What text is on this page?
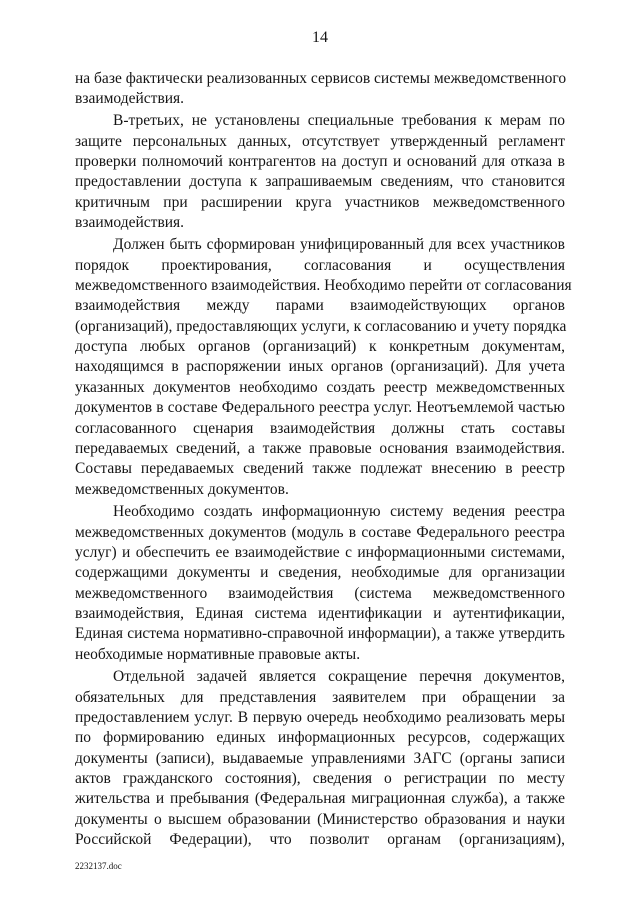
14
на базе фактически реализованных сервисов системы межведомственного
взаимодействия.
В-третьих, не установлены специальные требования к мерам по
защите персональных данных, отсутствует утвержденный регламент
проверки полномочий контрагентов на доступ и оснований для отказа в
предоставлении доступа к запрашиваемым сведениям, что становится
критичным при расширении круга участников межведомственного
взаимодействия.
Должен быть сформирован унифицированный для всех участников
порядок проектирования, согласования и осуществления
межведомственного взаимодействия. Необходимо перейти от согласования
взаимодействия между парами взаимодействующих органов
(организаций), предоставляющих услуги, к согласованию и учету порядка
доступа любых органов (организаций) к конкретным документам,
находящимся в распоряжении иных органов (организаций). Для учета
указанных документов необходимо создать реестр межведомственных
документов в составе Федерального реестра услуг. Неотъемлемой частью
согласованного сценария взаимодействия должны стать составы
передаваемых сведений, а также правовые основания взаимодействия.
Составы передаваемых сведений также подлежат внесению в реестр
межведомственных документов.
Необходимо создать информационную систему ведения реестра
межведомственных документов (модуль в составе Федерального реестра
услуг) и обеспечить ее взаимодействие с информационными системами,
содержащими документы и сведения, необходимые для организации
межведомственного взаимодействия (система межведомственного
взаимодействия, Единая система идентификации и аутентификации,
Единая система нормативно-справочной информации), а также утвердить
необходимые нормативные правовые акты.
Отдельной задачей является сокращение перечня документов,
обязательных для представления заявителем при обращении за
предоставлением услуг. В первую очередь необходимо реализовать меры
по формированию единых информационных ресурсов, содержащих
документы (записи), выдаваемые управлениями ЗАГС (органы записи
актов гражданского состояния), сведения о регистрации по месту
жительства и пребывания (Федеральная миграционная служба), а также
документы о высшем образовании (Министерство образования и науки
Российской Федерации), что позволит органам (организациям),
2232137.doc
